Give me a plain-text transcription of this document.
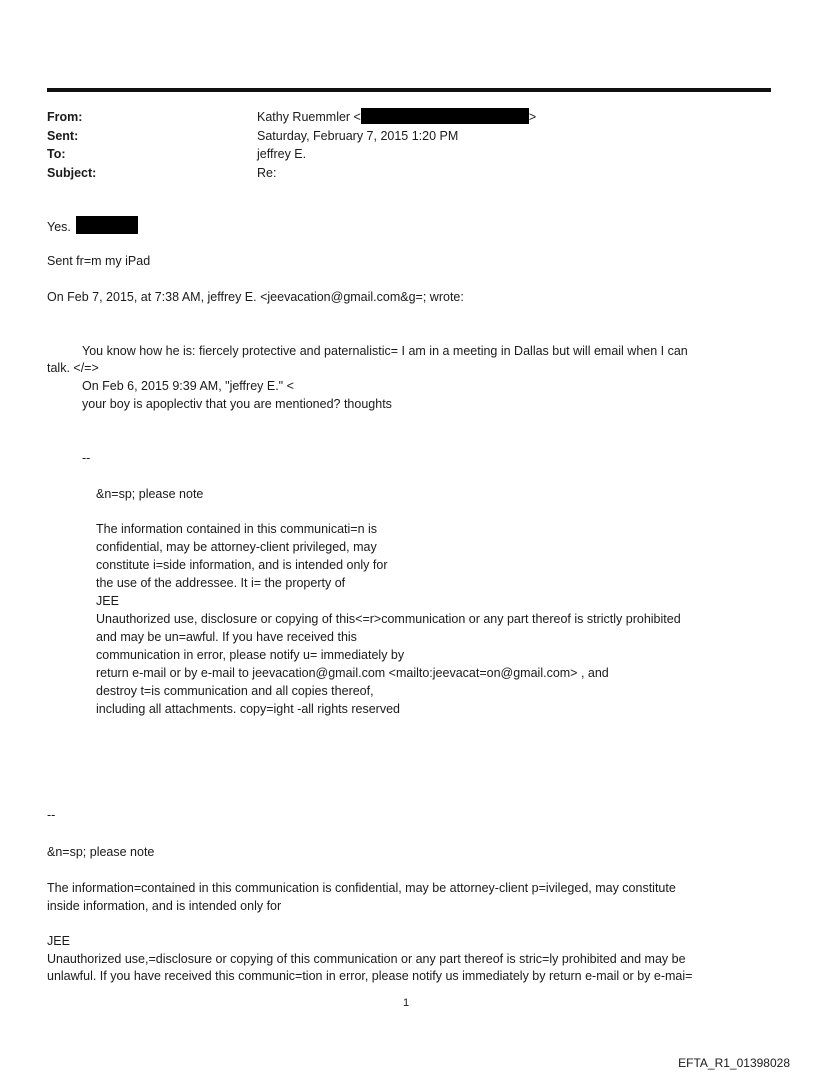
From:	Kathy Ruemmler <	>
Sent:	Saturday, February 7, 2015 1:20 PM
To:	jeffrey E.
Subject:	Re:
Yes.
Sent fr=m my iPad
On Feb 7, 2015, at 7:38 AM, jeffrey E. <jeevacation@gmail.com&g=; wrote:
You know how he is: fiercely protective and paternalistic= I am in a meeting in Dallas but will email when I can
talk. </=>
On Feb 6, 2015 9:39 AM, "jeffrey E." <
your boy is apoplectiv that you are mentioned? thoughts
--
&n=sp; please note
The information contained in this communicati=n is
confidential, may be attorney-client privileged, may
constitute i=side information, and is intended only for
the use of the addressee. It i= the property of
JEE
Unauthorized use, disclosure or copying of this<=r>communication or any part thereof is strictly prohibited
and may be un=awful. If you have received this
communication in error, please notify u= immediately by
return e-mail or by e-mail to jeevacation@gmail.com <mailto:jeevacat=on@gmail.com> , and
destroy t=is communication and all copies thereof,
including all attachments. copy=ight -all rights reserved
--
&n=sp; please note
The information=contained in this communication is confidential, may be attorney-client p=ivileged, may constitute
inside information, and is intended only for
JEE
Unauthorized use,=disclosure or copying of this communication or any part thereof is stric=ly prohibited and may be
unlawful. If you have received this communic=tion in error, please notify us immediately by return e-mail or by e-mai=
1
EFTA_R1_01398028
